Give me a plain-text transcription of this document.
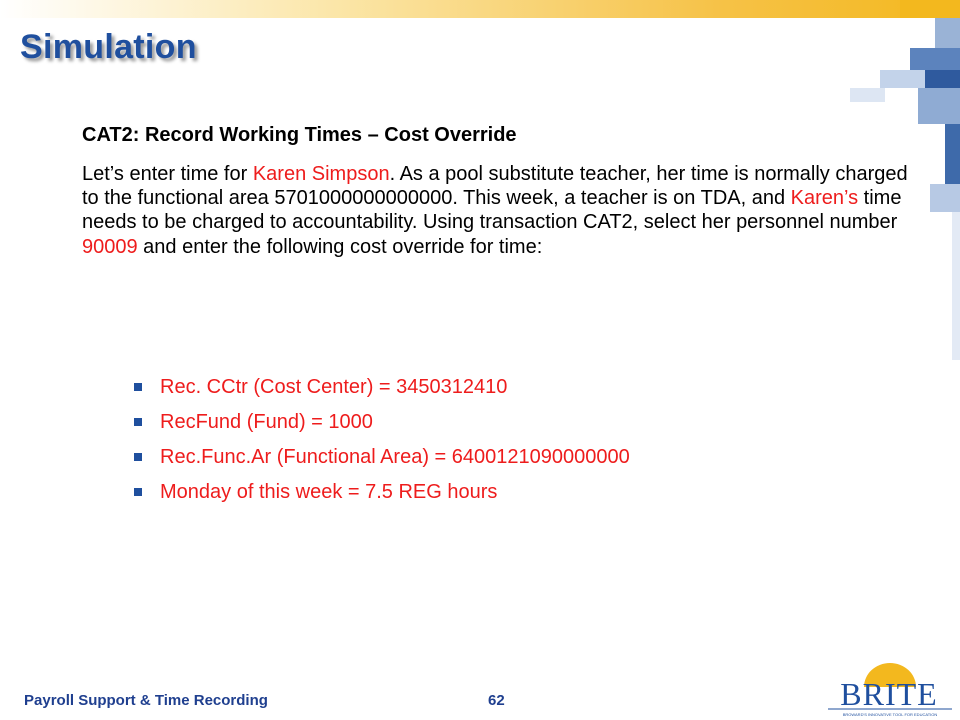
Simulation
CAT2: Record Working Times – Cost Override
Let’s enter time for Karen Simpson. As a pool substitute teacher, her time is normally charged to the functional area 5701000000000000. This week, a teacher is on TDA, and Karen’s time needs to be charged to accountability. Using transaction CAT2, select her personnel number 90009 and enter the following cost override for time:
Rec. CCtr (Cost Center) = 3450312410
RecFund (Fund) = 1000
Rec.Func.Ar (Functional Area) = 6400121090000000
Monday of this week = 7.5 REG hours
Payroll Support & Time Recording	62	BRITE
BROWARD'S INNOVATIVE TOOL FOR EDUCATION
